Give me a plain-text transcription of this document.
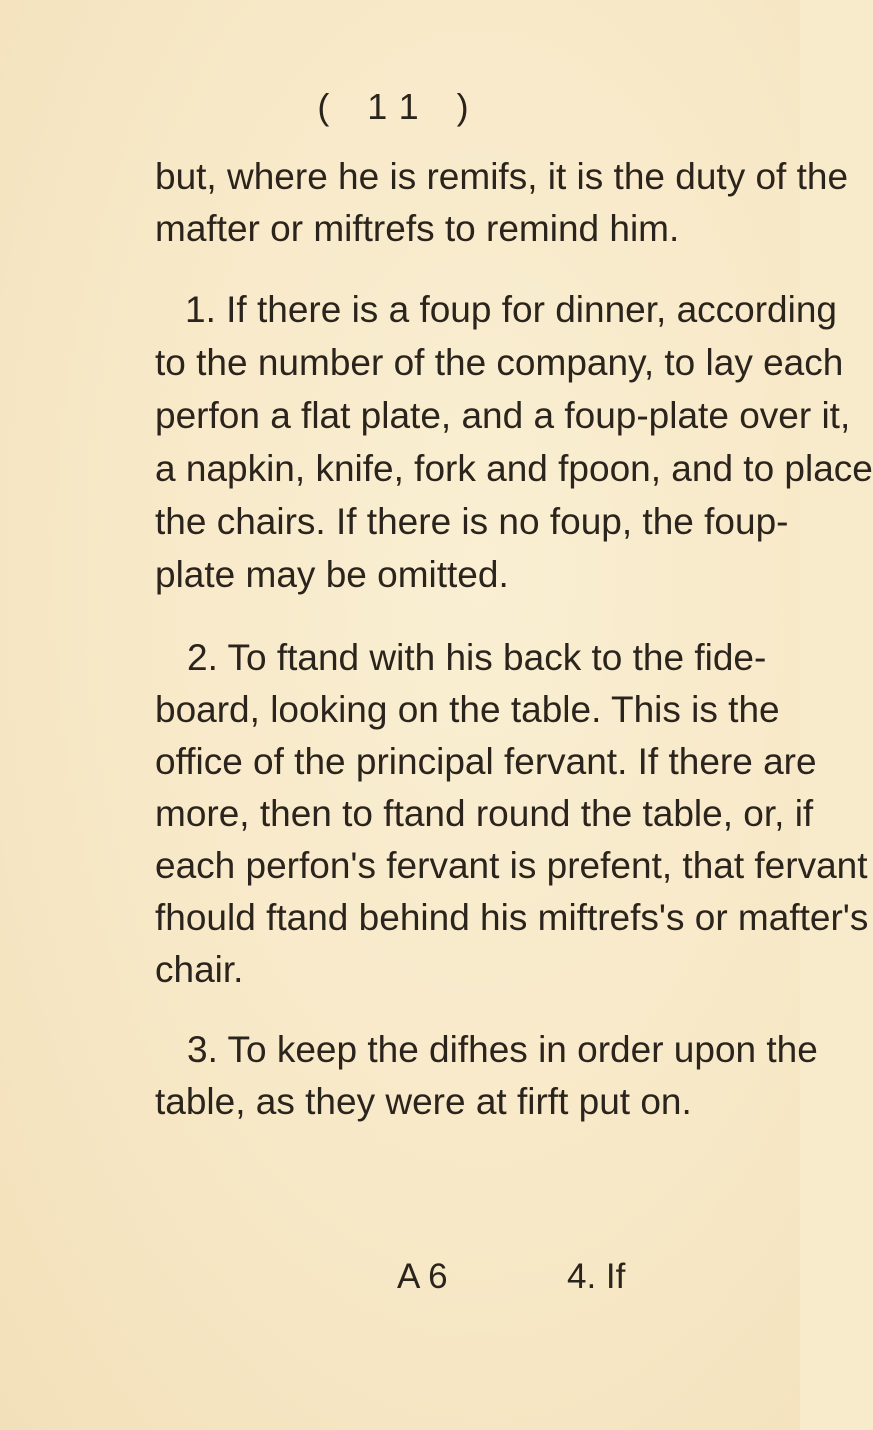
( 11 )
but, where he is remifs, it is the duty of the
mafter or miftrefs to remind him.
1. If there is a foup for dinner, according
to the number of the company, to lay each
perfon a flat plate, and a foup-plate over it,
a napkin, knife, fork and fpoon, and to place
the chairs. If there is no foup, the foup-
plate may be omitted.
2. To ftand with his back to the fide-
board, looking on the table. This is the
office of the principal fervant. If there are
more, then to ftand round the table, or, if
each perfon's fervant is prefent, that fervant
fhould ftand behind his miftrefs's or mafter's
chair.
3. To keep the difhes in order upon the
table, as they were at firft put on.
A 6	4. If
